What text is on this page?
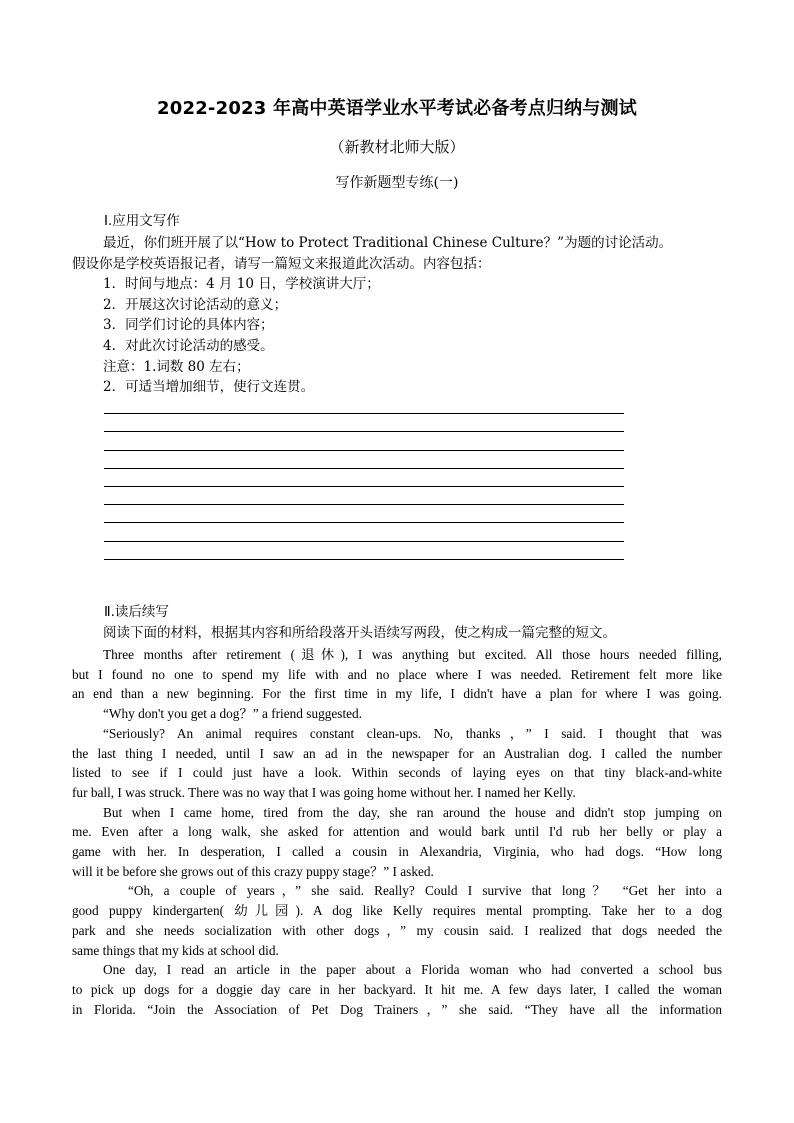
2022-2023 年高中英语学业水平考试必备考点归纳与测试
（新教材北师大版）
写作新题型专练(一)
Ⅰ.应用文写作
最近，你们班开展了以“How to Protect Traditional Chinese Culture？”为题的讨论活动。
假设你是学校英语报记者，请写一篇短文来报道此次活动。内容包括：
1．时间与地点：4 月 10 日，学校演讲大厅；
2．开展这次讨论活动的意义；
3．同学们讨论的具体内容；
4．对此次讨论活动的感受。
注意：1.词数 80 左右；
2．可适当增加细节，使行文连贯。
Ⅱ.读后续写
阅读下面的材料，根据其内容和所给段落开头语续写两段，使之构成一篇完整的短文。
Three months after retirement (退休), I was anything but excited. All those hours needed filling,
but I found no one to spend my life with and no place where I was needed. Retirement felt more like
an end than a new beginning. For the first time in my life, I didn't have a plan for where I was going.
“Why don't you get a dog？” a friend suggested.
“Seriously? An animal requires constant clean-ups. No, thanks，” I said. I thought that was
the last thing I needed, until I saw an ad in the newspaper for an Australian dog. I called the number
listed to see if I could just have a look. Within seconds of laying eyes on that tiny black-and-white
fur ball, I was struck. There was no way that I was going home without her. I named her Kelly.
But when I came home, tired from the day, she ran around the house and didn't stop jumping on
me. Even after a long walk, she asked for attention and would bark until I'd rub her belly or play a
game with her. In desperation, I called a cousin in Alexandria, Virginia, who had dogs. “How long
will it be before she grows out of this crazy puppy stage？” I asked.
“Oh, a couple of years，” she said. Really? Could I survive that long？ “Get her into a
good puppy kindergarten( 幼儿园). A dog like Kelly requires mental prompting. Take her to a dog
park and she needs socialization with other dogs，” my cousin said. I realized that dogs needed the
same things that my kids at school did.
One day, I read an article in the paper about a Florida woman who had converted a school bus
to pick up dogs for a doggie day care in her backyard. It hit me. A few days later, I called the woman
in Florida. “Join the Association of Pet Dog Trainers，” she said. “They have all the information
